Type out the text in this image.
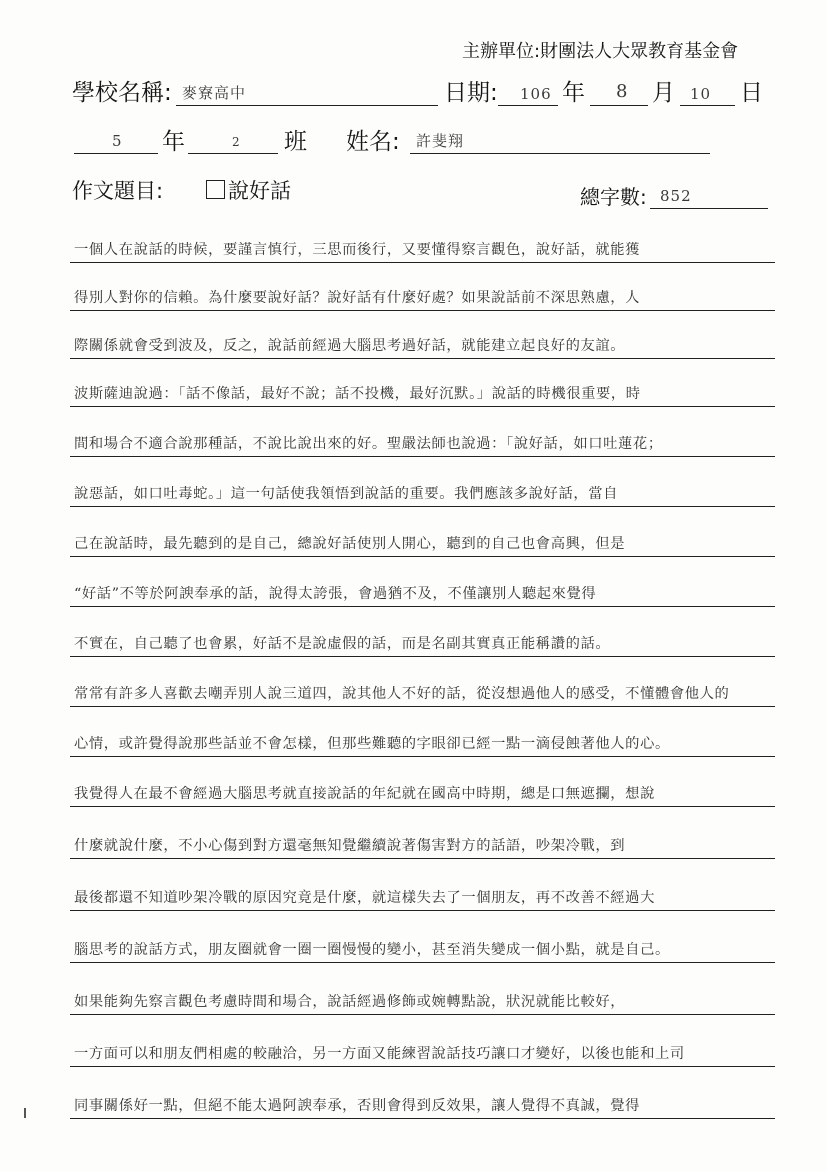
主辦單位:財團法人大眾教育基金會
學校名稱: 麥寮高中	日期: 106 年 8 月 10 日
5 年	2 班 姓名: 許斐翔
作文題目:	說好話	總字數: 852
一個人在說話的時候，要謹言慎行，三思而後行，又要懂得察言觀色，說好話，就能獲
得別人對你的信賴。為什麼要說好話？說好話有什麼好處？如果說話前不深思熟慮，人
際關係就會受到波及，反之，說話前經過大腦思考過好話，就能建立起良好的友誼。
波斯薩迪說過：「話不像話，最好不說；話不投機，最好沉默。」說話的時機很重要，時
間和場合不適合說那種話，不說比說出來的好。聖嚴法師也說過：「說好話，如口吐蓮花；
說惡話，如口吐毒蛇。」這一句話使我領悟到說話的重要。我們應該多說好話，當自
己在說話時，最先聽到的是自己，總說好話使別人開心，聽到的自己也會高興，但是
“好話”不等於阿諛奉承的話，說得太誇張，會過猶不及，不僅讓別人聽起來覺得
不實在，自己聽了也會累，好話不是說虛假的話，而是名副其實真正能稱讚的話。
常常有許多人喜歡去嘲弄別人說三道四，說其他人不好的話，從沒想過他人的感受，不懂體會他人的
心情，或許覺得說那些話並不會怎樣，但那些難聽的字眼卻已經一點一滴侵蝕著他人的心。
我覺得人在最不會經過大腦思考就直接說話的年紀就在國高中時期，總是口無遮攔，想說
什麼就說什麼，不小心傷到對方還毫無知覺繼續說著傷害對方的話語，吵架冷戰，到
最後都還不知道吵架冷戰的原因究竟是什麼，就這樣失去了一個朋友，再不改善不經過大
腦思考的說話方式，朋友圈就會一圈一圈慢慢的變小，甚至消失變成一個小點，就是自己。
如果能夠先察言觀色考慮時間和場合，說話經過修飾或婉轉點說，狀況就能比較好，
一方面可以和朋友們相處的較融洽，另一方面又能練習說話技巧讓口才變好，以後也能和上司
同事關係好一點，但絕不能太過阿諛奉承，否則會得到反效果，讓人覺得不真誠，覺得
